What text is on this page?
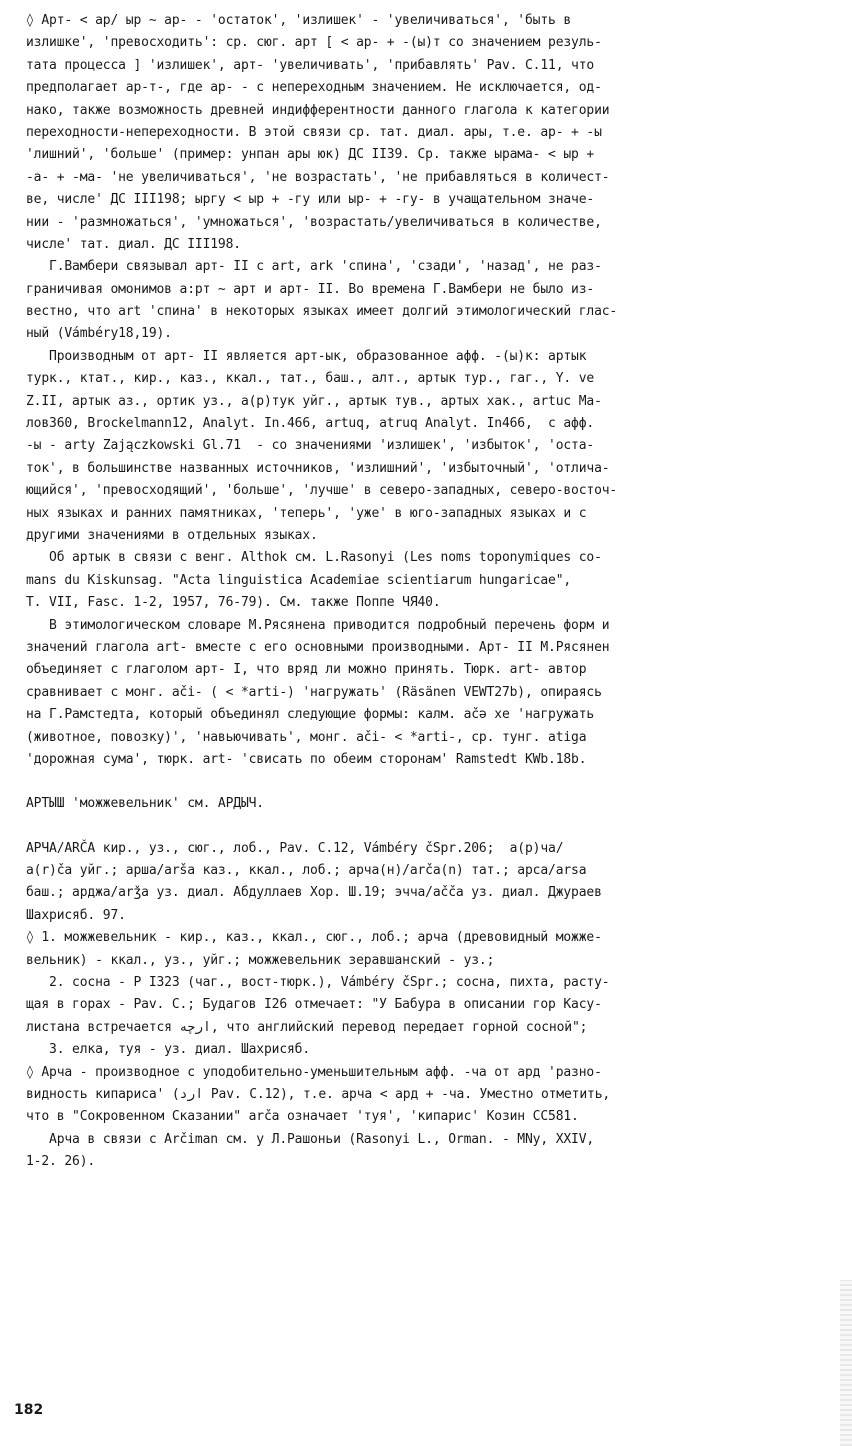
◊ Арт- < ар/ ыр ~ ар- - 'остаток', 'излишек' - 'увеличиваться', 'быть в
излишке', 'превосходить': ср. сюг. арт [ < ар- + -(ы)т со значением резуль-
тата процесса ] 'излишек', арт- 'увеличивать', 'прибавлять' Pav. C.11, что
предполагает ар-т-, где ар- - с непереходным значением. Не исключается, од-
нако, также возможность древней индифферентности данного глагола к категории
переходности-непереходности. В этой связи ср. тат. диал. ары, т.е. ар- + -ы
'лишний', 'больше' (пример: унпан ары юк) ДС II39. Ср. также ырама- < ыр +
-а- + -ма- 'не увеличиваться', 'не возрастать', 'не прибавляться в количест-
ве, числе' ДС III198; ыргу < ыр + -гу или ыр- + -гу- в учащательном значе-
нии - 'размножаться', 'умножаться', 'возрастать/увеличиваться в количестве,
числе' тат. диал. ДС III198.
Г.Вамбери связывал арт- II с art, ark 'спина', 'сзади', 'назад', не раз-
граничивая омонимов а:рт ~ арт и арт- II. Во времена Г.Вамбери не было из-
вестно, что art 'спина' в некоторых языках имеет долгий этимологический глас-
ный (Vámbéry18,19).
Производным от арт- II является арт-ык, образованное афф. -(ы)к: артык
турк., ктат., кир., каз., ккал., тат., баш., алт., артык тур., гаг., Y. ve
Z.II, артык аз., ортик уз., а(р)тук уйг., артык тув., артых хак., artuc Ма-
лов360, Brockelmann12, Analyt. In.466, artuq, atruq Analyt. In466,  с афф.
-ы - arty Zajączkowski Gl.71  - со значениями 'излишек', 'избыток', 'оста-
ток', в большинстве названных источников, 'излишний', 'избыточный', 'отлича-
ющийся', 'превосходящий', 'больше', 'лучше' в северо-западных, северо-восточ-
ных языках и ранних памятниках, 'теперь', 'уже' в юго-западных языках и с
другими значениями в отдельных языках.
Об артык в связи с венг. Althok см. L.Rasonyi (Les noms toponymiques co-
mans du Kiskunsag. "Acta linguistica Academiae scientiarum hungaricae",
T. VII, Fasc. 1-2, 1957, 76-79). См. также Поппе ЧЯ40.
В этимологическом словаре М.Рясянена приводится подробный перечень форм и
значений глагола art- вместе с его основными производными. Арт- II М.Рясянен
объединяет с глаголом арт- I, что вряд ли можно принять. Тюрк. art- автор
сравнивает с монг. ači- ( < *arti-) 'нагружать' (Räsänen VEWT27b), опираясь
на Г.Рамстедта, который объединял следующие формы: калм. ačǝ xe 'нагружать
(животное, повозку)', 'навьючивать', монг. ači- < *arti-, ср. тунг. atiga
'дорожная сума', тюрк. art- 'свисать по обеим сторонам' Ramstedt KWb.18b.
АРТЫШ 'можжевельник' см. АРДЫЧ.
АРЧА/ARČA кир., уз., сюг., лоб., Pav. C.12, Vámbéry čSpr.206;  а(р)ча/
a(r)ča уйг.; арша/arša каз., ккал., лоб.; арча(н)/arča(n) тат.; арса/arsa
баш.; арджа/arǯa уз. диал. Абдуллаев Хор. Ш.19; эчча/ačča уз. диал. Джураев
Шахрисяб. 97.
◊ 1. можжевельник - кир., каз., ккал., сюг., лоб.; арча (древовидный можже-
вельник) - ккал., уз., уйг.; можжевельник зеравшанский - уз.;
2. сосна - Р I323 (чаг., вост-тюрк.), Vámbéry čSpr.; сосна, пихта, расту-
щая в горах - Pav. C.; Будагов I26 отмечает: "У Бабура в описании гор Касу-
листана встречается ارچه, что английский перевод передает горной сосной";
3. елка, туя - уз. диал. Шахрисяб.
◊ Арча - производное с уподобительно-уменьшительным афф. -ча от ард 'разно-
видность кипариса' (ارد Pav. C.12), т.е. арча < ард + -ча. Уместно отметить,
что в "Сокровенном Сказании" arča означает 'туя', 'кипарис' Козин СС581.
Арча в связи с Arčiman см. у Л.Рашоньи (Rasonyi L., Orman. - MNy, XXIV,
1-2. 26).
182
